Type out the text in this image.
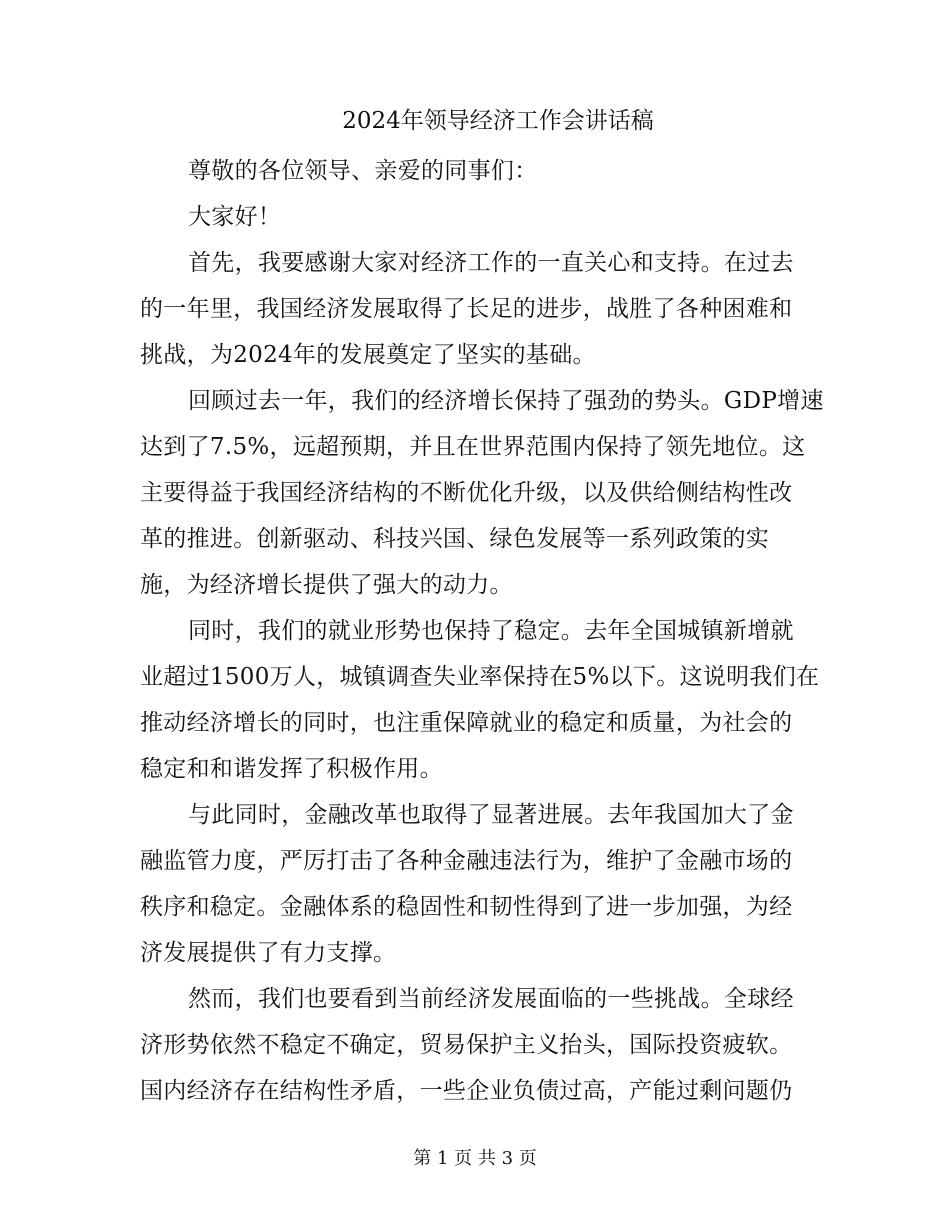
2024年领导经济工作会讲话稿
尊敬的各位领导、亲爱的同事们：
大家好！
首先，我要感谢大家对经济工作的一直关心和支持。在过去
的一年里，我国经济发展取得了长足的进步，战胜了各种困难和
挑战，为2024年的发展奠定了坚实的基础。
回顾过去一年，我们的经济增长保持了强劲的势头。GDP增速
达到了7.5%，远超预期，并且在世界范围内保持了领先地位。这
主要得益于我国经济结构的不断优化升级，以及供给侧结构性改
革的推进。创新驱动、科技兴国、绿色发展等一系列政策的实
施，为经济增长提供了强大的动力。
同时，我们的就业形势也保持了稳定。去年全国城镇新增就
业超过1500万人，城镇调查失业率保持在5%以下。这说明我们在
推动经济增长的同时，也注重保障就业的稳定和质量，为社会的
稳定和和谐发挥了积极作用。
与此同时，金融改革也取得了显著进展。去年我国加大了金
融监管力度，严厉打击了各种金融违法行为，维护了金融市场的
秩序和稳定。金融体系的稳固性和韧性得到了进一步加强，为经
济发展提供了有力支撑。
然而，我们也要看到当前经济发展面临的一些挑战。全球经
济形势依然不稳定不确定，贸易保护主义抬头，国际投资疲软。
国内经济存在结构性矛盾，一些企业负债过高，产能过剩问题仍
第 1 页 共 3 页
